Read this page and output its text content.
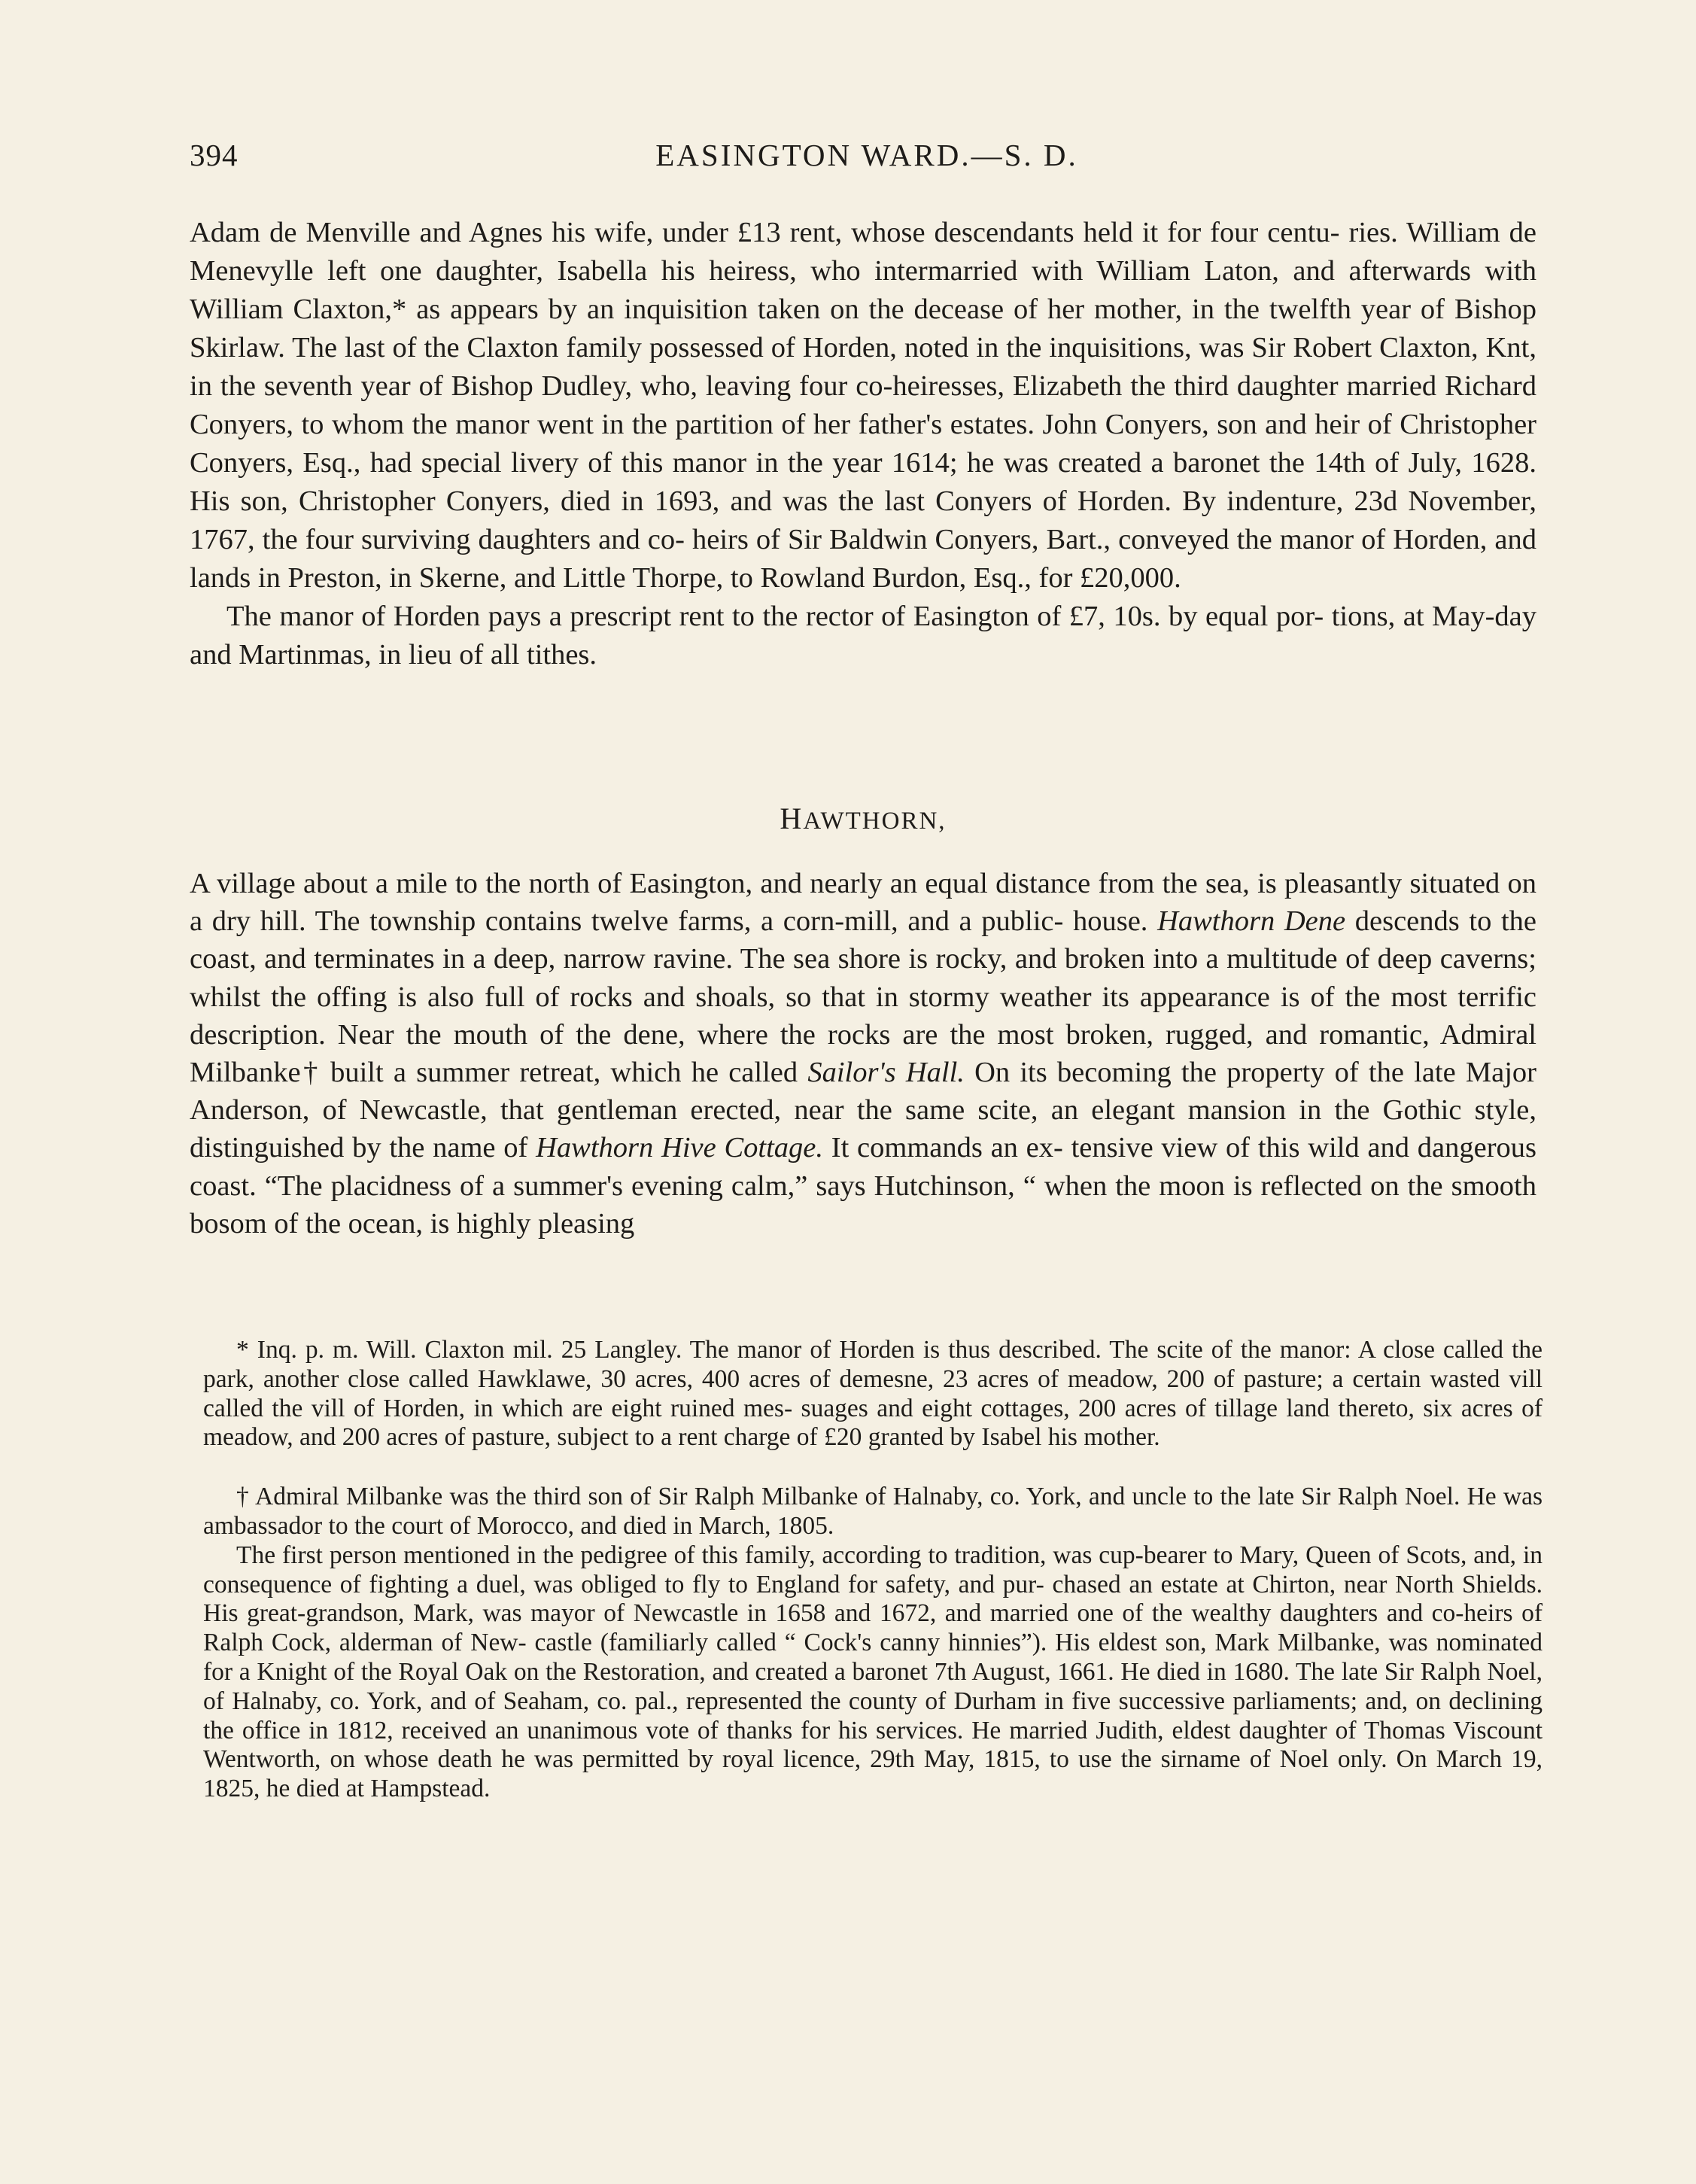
394	EASINGTON WARD.—S. D.

Adam de Menville and Agnes his wife, under £13 rent, whose descendants held it for four centu- ries. William de Menevylle left one daughter, Isabella his heiress, who intermarried with William Laton, and afterwards with William Claxton,* as appears by an inquisition taken on the decease of her mother, in the twelfth year of Bishop Skirlaw. The last of the Claxton family possessed of Horden, noted in the inquisitions, was Sir Robert Claxton, Knt, in the seventh year of Bishop Dudley, who, leaving four co-heiresses, Elizabeth the third daughter married Richard Conyers, to whom the manor went in the partition of her father's estates. John Conyers, son and heir of Christopher Conyers, Esq., had special livery of this manor in the year 1614; he was created a baronet the 14th of July, 1628. His son, Christopher Conyers, died in 1693, and was the last Conyers of Horden. By indenture, 23d November, 1767, the four surviving daughters and co- heirs of Sir Baldwin Conyers, Bart., conveyed the manor of Horden, and lands in Preston, in Skerne, and Little Thorpe, to Rowland Burdon, Esq., for £20,000.

The manor of Horden pays a prescript rent to the rector of Easington of £7, 10s. by equal por- tions, at May-day and Martinmas, in lieu of all tithes.

HAWTHORN,

A village about a mile to the north of Easington, and nearly an equal distance from the sea, is pleasantly situated on a dry hill. The township contains twelve farms, a corn-mill, and a public- house. Hawthorn Dene descends to the coast, and terminates in a deep, narrow ravine. The sea shore is rocky, and broken into a multitude of deep caverns; whilst the offing is also full of rocks and shoals, so that in stormy weather its appearance is of the most terrific description. Near the mouth of the dene, where the rocks are the most broken, rugged, and romantic, Admiral Milbanke† built a summer retreat, which he called Sailor's Hall. On its becoming the property of the late Major Anderson, of Newcastle, that gentleman erected, near the same scite, an elegant mansion in the Gothic style, distinguished by the name of Hawthorn Hive Cottage. It commands an ex- tensive view of this wild and dangerous coast. “The placidness of a summer's evening calm,” says Hutchinson, “ when the moon is reflected on the smooth bosom of the ocean, is highly pleasing

* Inq. p. m. Will. Claxton mil. 25 Langley. The manor of Horden is thus described. The scite of the manor: A close called the park, another close called Hawklawe, 30 acres, 400 acres of demesne, 23 acres of meadow, 200 of pasture; a certain wasted vill called the vill of Horden, in which are eight ruined mes- suages and eight cottages, 200 acres of tillage land thereto, six acres of meadow, and 200 acres of pasture, subject to a rent charge of £20 granted by Isabel his mother.

† Admiral Milbanke was the third son of Sir Ralph Milbanke of Halnaby, co. York, and uncle to the late Sir Ralph Noel. He was ambassador to the court of Morocco, and died in March, 1805.

The first person mentioned in the pedigree of this family, according to tradition, was cup-bearer to Mary, Queen of Scots, and, in consequence of fighting a duel, was obliged to fly to England for safety, and pur- chased an estate at Chirton, near North Shields. His great-grandson, Mark, was mayor of Newcastle in 1658 and 1672, and married one of the wealthy daughters and co-heirs of Ralph Cock, alderman of New- castle (familiarly called “ Cock's canny hinnies”). His eldest son, Mark Milbanke, was nominated for a Knight of the Royal Oak on the Restoration, and created a baronet 7th August, 1661. He died in 1680. The late Sir Ralph Noel, of Halnaby, co. York, and of Seaham, co. pal., represented the county of Durham in five successive parliaments; and, on declining the office in 1812, received an unanimous vote of thanks for his services. He married Judith, eldest daughter of Thomas Viscount Wentworth, on whose death he was permitted by royal licence, 29th May, 1815, to use the sirname of Noel only. On March 19, 1825, he died at Hampstead.
